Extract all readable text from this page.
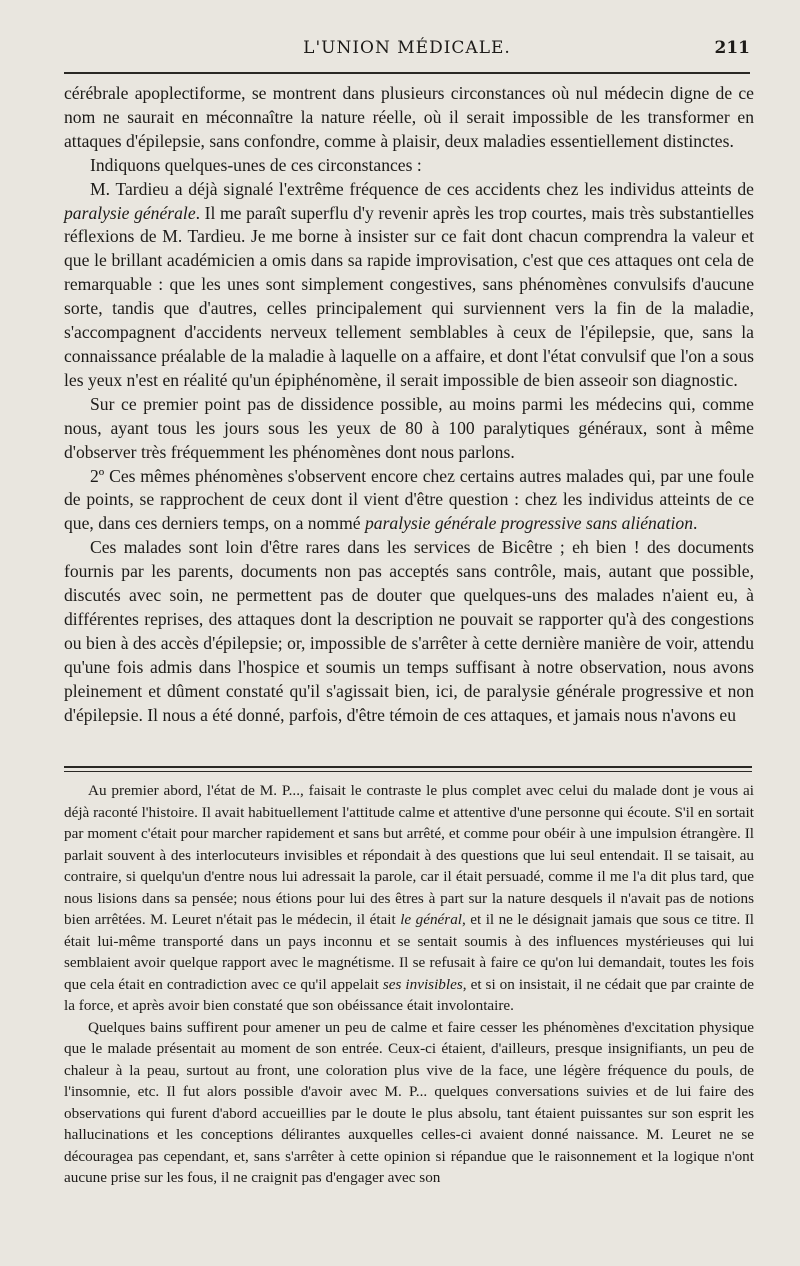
L'UNION MÉDICALE.	211

cérébrale apoplectiforme, se montrent dans plusieurs circonstances où nul médecin digne de ce nom ne saurait en méconnaître la nature réelle, où il serait impossible de les transformer en attaques d'épilepsie, sans confondre, comme à plaisir, deux maladies essentiellement distinctes.

Indiquons quelques-unes de ces circonstances :

M. Tardieu a déjà signalé l'extrême fréquence de ces accidents chez les individus atteints de paralysie générale. Il me paraît superflu d'y revenir après les trop courtes, mais très substantielles réflexions de M. Tardieu. Je me borne à insister sur ce fait dont chacun comprendra la valeur et que le brillant académicien a omis dans sa rapide improvisation, c'est que ces attaques ont cela de remarquable : que les unes sont simplement congestives, sans phénomènes convulsifs d'aucune sorte, tandis que d'autres, celles principalement qui surviennent vers la fin de la maladie, s'accompagnent d'accidents nerveux tellement semblables à ceux de l'épilepsie, que, sans la connaissance préalable de la maladie à laquelle on a affaire, et dont l'état convulsif que l'on a sous les yeux n'est en réalité qu'un épiphénomène, il serait impossible de bien asseoir son diagnostic.

Sur ce premier point pas de dissidence possible, au moins parmi les médecins qui, comme nous, ayant tous les jours sous les yeux de 80 à 100 paralytiques généraux, sont à même d'observer très fréquemment les phénomènes dont nous parlons.

2º Ces mêmes phénomènes s'observent encore chez certains autres malades qui, par une foule de points, se rapprochent de ceux dont il vient d'être question : chez les individus atteints de ce que, dans ces derniers temps, on a nommé paralysie générale progressive sans aliénation.

Ces malades sont loin d'être rares dans les services de Bicêtre ; eh bien ! des documents fournis par les parents, documents non pas acceptés sans contrôle, mais, autant que possible, discutés avec soin, ne permettent pas de douter que quelques-uns des malades n'aient eu, à différentes reprises, des attaques dont la description ne pouvait se rapporter qu'à des congestions ou bien à des accès d'épilepsie; or, impossible de s'arrêter à cette dernière manière de voir, attendu qu'une fois admis dans l'hospice et soumis un temps suffisant à notre observation, nous avons pleinement et dûment constaté qu'il s'agissait bien, ici, de paralysie générale progressive et non d'épilepsie. Il nous a été donné, parfois, d'être témoin de ces attaques, et jamais nous n'avons eu

Au premier abord, l'état de M. P..., faisait le contraste le plus complet avec celui du malade dont je vous ai déjà raconté l'histoire. Il avait habituellement l'attitude calme et attentive d'une personne qui écoute. S'il en sortait par moment c'était pour marcher rapidement et sans but arrêté, et comme pour obéir à une impulsion étrangère. Il parlait souvent à des interlocuteurs invisibles et répondait à des questions que lui seul entendait. Il se taisait, au contraire, si quelqu'un d'entre nous lui adressait la parole, car il était persuadé, comme il me l'a dit plus tard, que nous lisions dans sa pensée; nous étions pour lui des êtres à part sur la nature desquels il n'avait pas de notions bien arrêtées. M. Leuret n'était pas le médecin, il était le général, et il ne le désignait jamais que sous ce titre. Il était lui-même transporté dans un pays inconnu et se sentait soumis à des influences mystérieuses qui lui semblaient avoir quelque rapport avec le magnétisme. Il se refusait à faire ce qu'on lui demandait, toutes les fois que cela était en contradiction avec ce qu'il appelait ses invisibles, et si on insistait, il ne cédait que par crainte de la force, et après avoir bien constaté que son obéissance était involontaire.

Quelques bains suffirent pour amener un peu de calme et faire cesser les phénomènes d'excitation physique que le malade présentait au moment de son entrée. Ceux-ci étaient, d'ailleurs, presque insignifiants, un peu de chaleur à la peau, surtout au front, une coloration plus vive de la face, une légère fréquence du pouls, de l'insomnie, etc. Il fut alors possible d'avoir avec M. P... quelques conversations suivies et de lui faire des observations qui furent d'abord accueillies par le doute le plus absolu, tant étaient puissantes sur son esprit les hallucinations et les conceptions délirantes auxquelles celles-ci avaient donné naissance. M. Leuret ne se découragea pas cependant, et, sans s'arrêter à cette opinion si répandue que le raisonnement et la logique n'ont aucune prise sur les fous, il ne craignit pas d'engager avec son
